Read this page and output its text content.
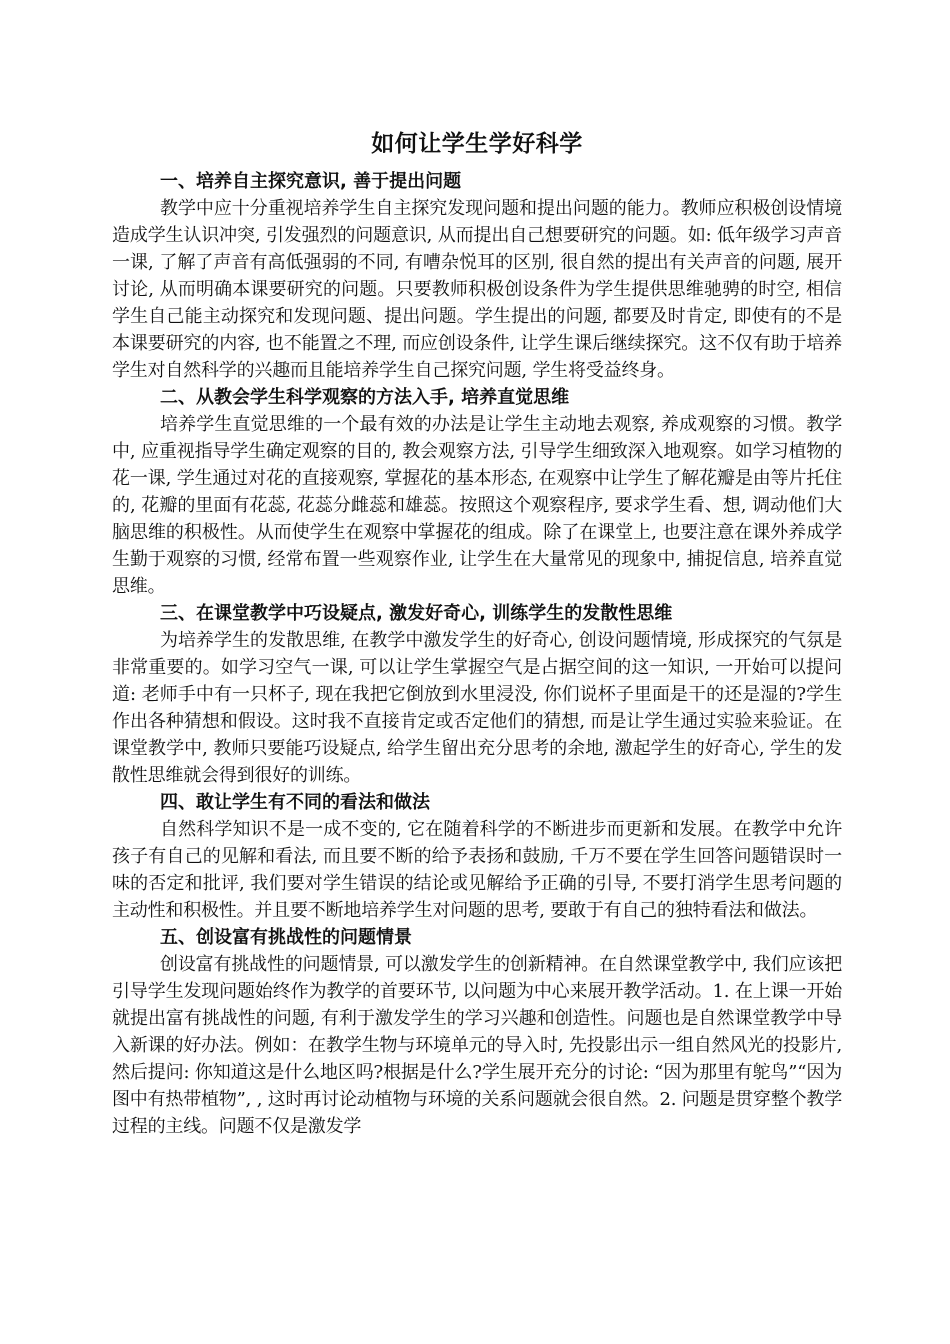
如何让学生学好科学
一、培养自主探究意识, 善于提出问题

教学中应十分重视培养学生自主探究发现问题和提出问题的能力。教师应积极创设情境造成学生认识冲突, 引发强烈的问题意识, 从而提出自己想要研究的问题。如: 低年级学习声音一课, 了解了声音有高低强弱的不同, 有嘈杂悦耳的区别, 很自然的提出有关声音的问题, 展开讨论, 从而明确本课要研究的问题。只要教师积极创设条件为学生提供思维驰骋的时空, 相信学生自己能主动探究和发现问题、提出问题。学生提出的问题, 都要及时肯定, 即使有的不是本课要研究的内容, 也不能置之不理, 而应创设条件, 让学生课后继续探究。这不仅有助于培养学生对自然科学的兴趣而且能培养学生自己探究问题, 学生将受益终身。

二、从教会学生科学观察的方法入手, 培养直觉思维

培养学生直觉思维的一个最有效的办法是让学生主动地去观察, 养成观察的习惯。教学中, 应重视指导学生确定观察的目的, 教会观察方法, 引导学生细致深入地观察。如学习植物的花一课, 学生通过对花的直接观察, 掌握花的基本形态, 在观察中让学生了解花瓣是由等片托住的, 花瓣的里面有花蕊, 花蕊分雌蕊和雄蕊。按照这个观察程序, 要求学生看、想, 调动他们大脑思维的积极性。从而使学生在观察中掌握花的组成。除了在课堂上, 也要注意在课外养成学生勤于观察的习惯, 经常布置一些观察作业, 让学生在大量常见的现象中, 捕捉信息, 培养直觉思维。

三、在课堂教学中巧设疑点, 激发好奇心, 训练学生的发散性思维

为培养学生的发散思维, 在教学中激发学生的好奇心, 创设问题情境, 形成探究的气氛是非常重要的。如学习空气一课, 可以让学生掌握空气是占据空间的这一知识, 一开始可以提问道: 老师手中有一只杯子, 现在我把它倒放到水里浸没, 你们说杯子里面是干的还是湿的?学生作出各种猜想和假设。这时我不直接肯定或否定他们的猜想, 而是让学生通过实验来验证。在课堂教学中, 教师只要能巧设疑点, 给学生留出充分思考的余地, 激起学生的好奇心, 学生的发散性思维就会得到很好的训练。

四、敢让学生有不同的看法和做法

自然科学知识不是一成不变的, 它在随着科学的不断进步而更新和发展。在教学中允许孩子有自己的见解和看法, 而且要不断的给予表扬和鼓励, 千万不要在学生回答问题错误时一味的否定和批评, 我们要对学生错误的结论或见解给予正确的引导, 不要打消学生思考问题的主动性和积极性。并且要不断地培养学生对问题的思考, 要敢于有自己的独特看法和做法。

五、创设富有挑战性的问题情景

创设富有挑战性的问题情景, 可以激发学生的创新精神。在自然课堂教学中, 我们应该把引导学生发现问题始终作为教学的首要环节, 以问题为中心来展开教学活动。1. 在上课一开始就提出富有挑战性的问题, 有利于激发学生的学习兴趣和创造性。问题也是自然课堂教学中导入新课的好办法。例如：在教学生物与环境单元的导入时, 先投影出示一组自然风光的投影片, 然后提问: 你知道这是什么地区吗?根据是什么?学生展开充分的讨论: “因为那里有鸵鸟”“因为图中有热带植物”, , 这时再讨论动植物与环境的关系问题就会很自然。2. 问题是贯穿整个教学过程的主线。问题不仅是激发学
